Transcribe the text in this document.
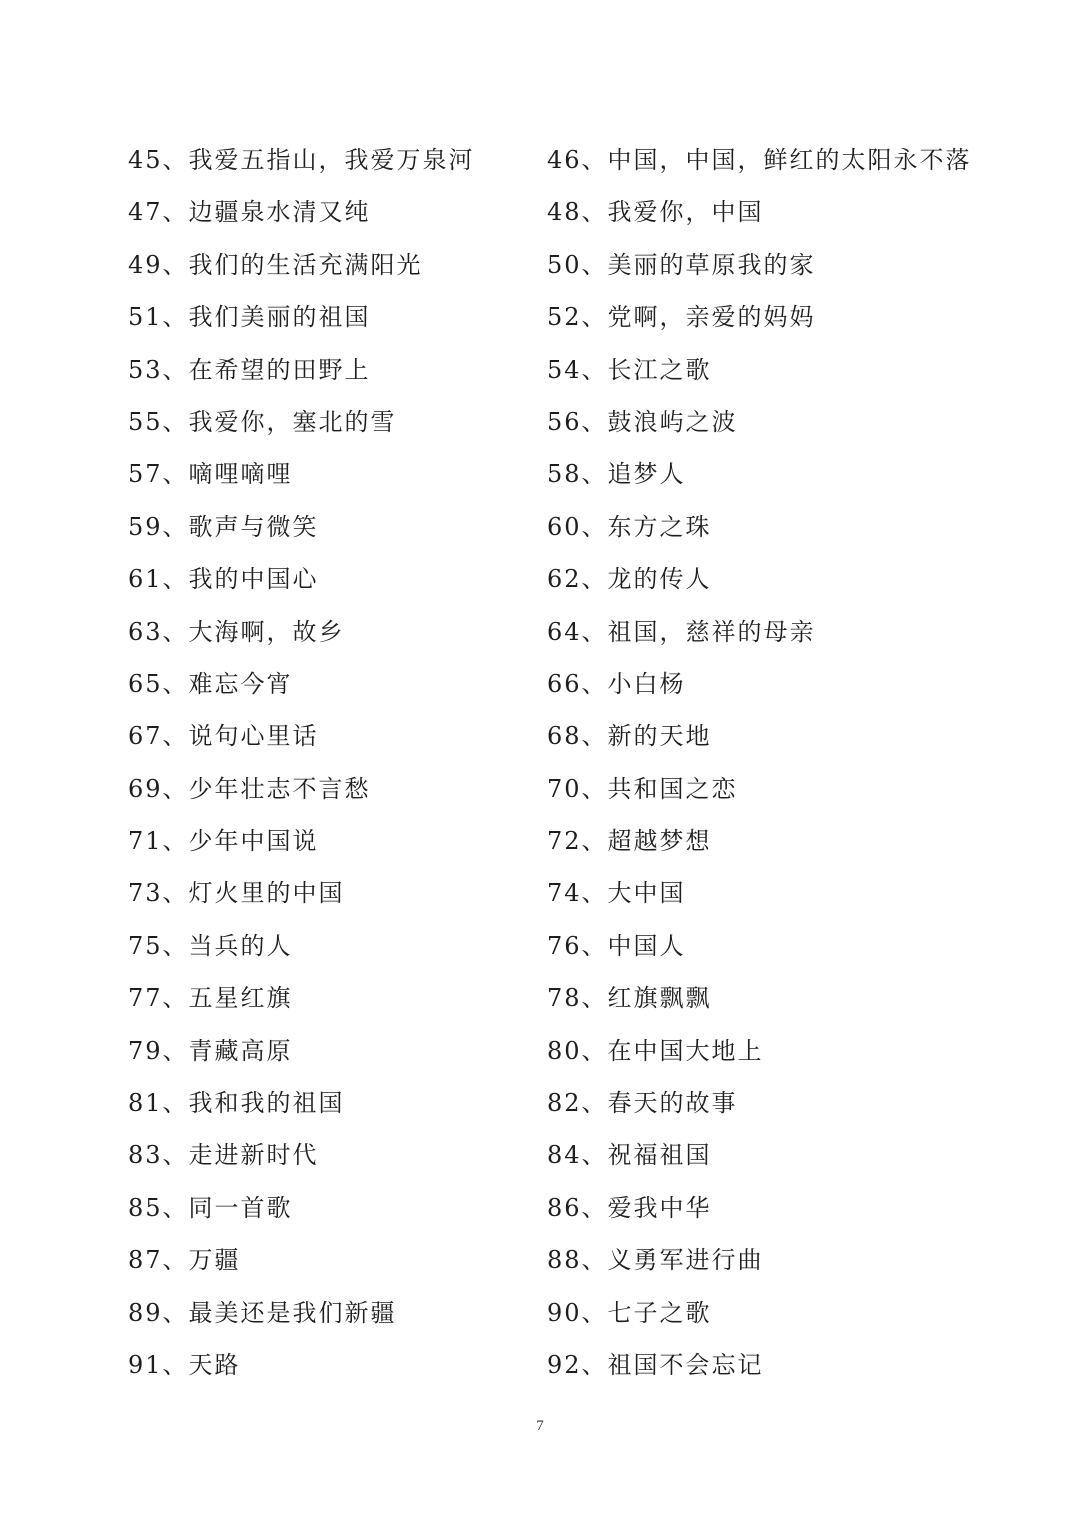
45、我爱五指山，我爱万泉河	46、中国，中国，鲜红的太阳永不落
47、边疆泉水清又纯	48、我爱你，中国
49、我们的生活充满阳光	50、美丽的草原我的家
51、我们美丽的祖国	52、党啊，亲爱的妈妈
53、在希望的田野上	54、长江之歌
55、我爱你，塞北的雪	56、鼓浪屿之波
57、嘀哩嘀哩	58、追梦人
59、歌声与微笑	60、东方之珠
61、我的中国心	62、龙的传人
63、大海啊，故乡	64、祖国，慈祥的母亲
65、难忘今宵	66、小白杨
67、说句心里话	68、新的天地
69、少年壮志不言愁	70、共和国之恋
71、少年中国说	72、超越梦想
73、灯火里的中国	74、大中国
75、当兵的人	76、中国人
77、五星红旗	78、红旗飘飘
79、青藏高原	80、在中国大地上
81、我和我的祖国	82、春天的故事
83、走进新时代	84、祝福祖国
85、同一首歌	86、爱我中华
87、万疆	88、义勇军进行曲
89、最美还是我们新疆	90、七子之歌
91、天路	92、祖国不会忘记
7
